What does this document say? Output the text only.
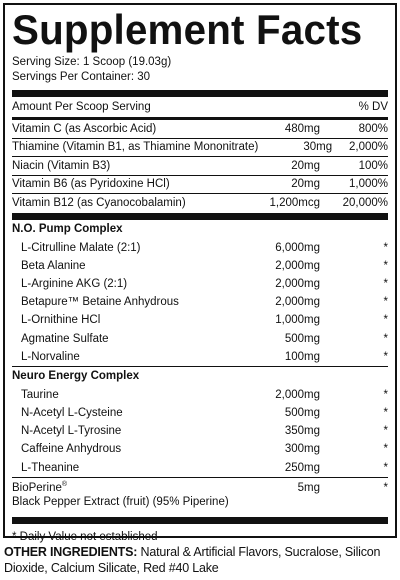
Supplement Facts
Serving Size: 1 Scoop (19.03g)
Servings Per Container: 30
Amount Per Scoop Serving	% DV
Vitamin C (as Ascorbic Acid)	480mg	800%
Thiamine (Vitamin B1, as Thiamine Mononitrate)	30mg	2,000%
Niacin (Vitamin B3)	20mg	100%
Vitamin B6 (as Pyridoxine HCl)	20mg	1,000%
Vitamin B12 (as Cyanocobalamin)	1,200mcg	20,000%
N.O. Pump Complex
L-Citrulline Malate (2:1)	6,000mg	*
Beta Alanine	2,000mg	*
L-Arginine AKG (2:1)	2,000mg	*
Betapure™ Betaine Anhydrous	2,000mg	*
L-Ornithine HCl	1,000mg	*
Agmatine Sulfate	500mg	*
L-Norvaline	100mg	*
Neuro Energy Complex
Taurine	2,000mg	*
N-Acetyl L-Cysteine	500mg	*
N-Acetyl L-Tyrosine	350mg	*
Caffeine Anhydrous	300mg	*
L-Theanine	250mg	*
BioPerine®	5mg	*
Black Pepper Extract (fruit) (95% Piperine)
* Daily Value not established
OTHER INGREDIENTS: Natural & Artificial Flavors, Sucralose, Silicon Dioxide, Calcium Silicate, Red #40 Lake
